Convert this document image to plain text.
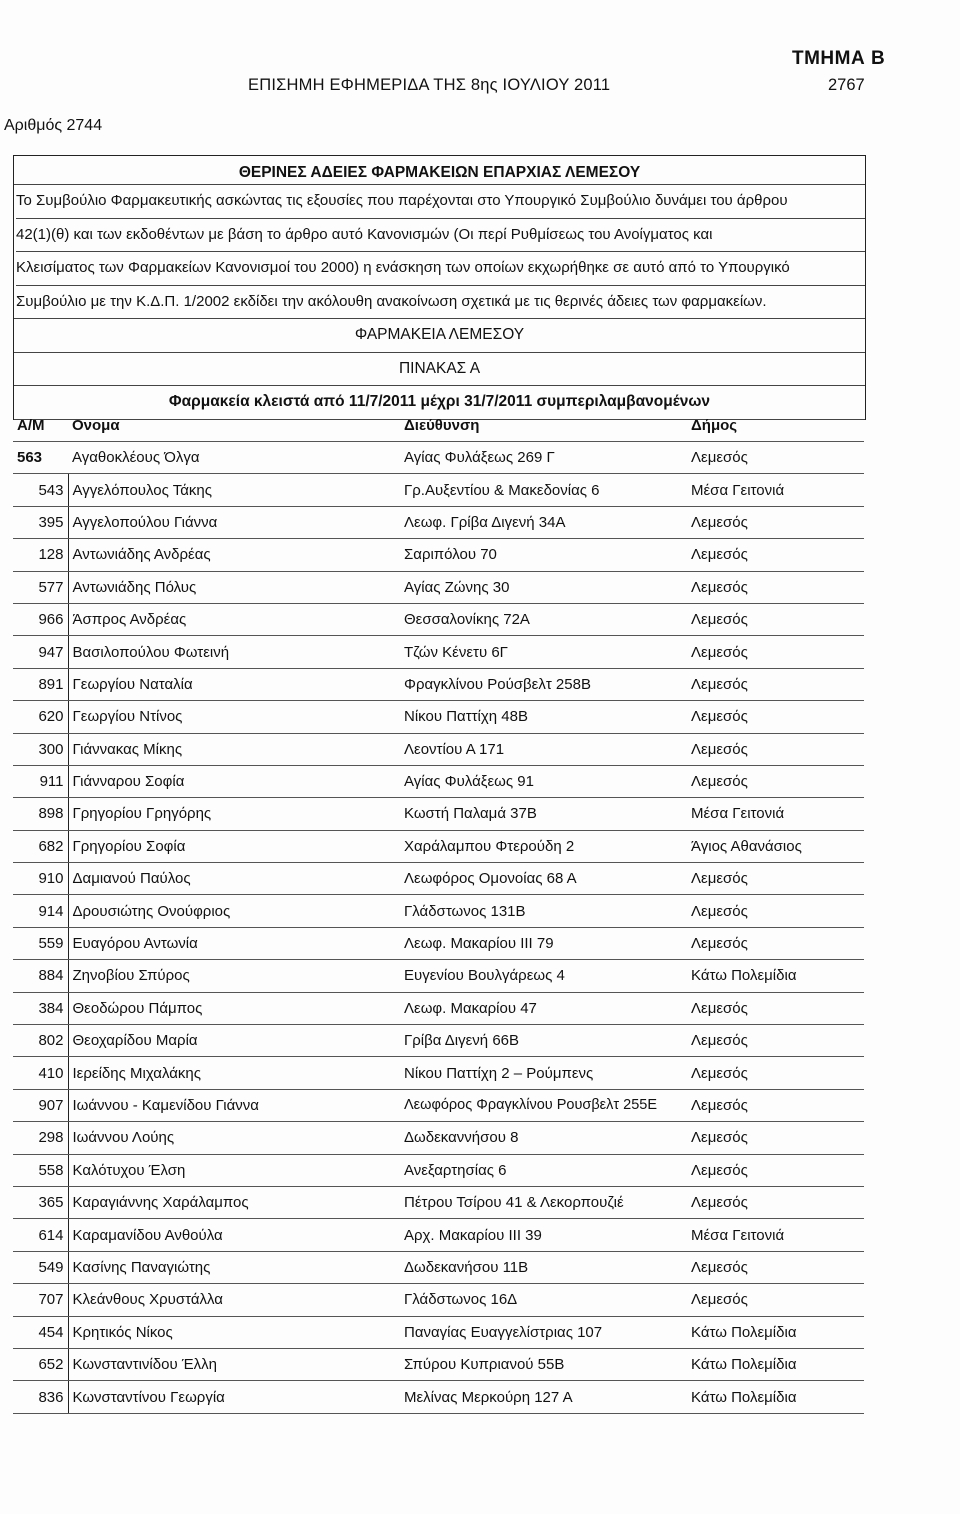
ΤΜΗΜΑ Β
ΕΠΙΣΗΜΗ ΕΦΗΜΕΡΙΔΑ ΤΗΣ 8ης ΙΟΥΛΙΟΥ 2011	2767
Αριθμός 2744
ΘΕΡΙΝΕΣ ΑΔΕΙΕΣ ΦΑΡΜΑΚΕΙΩΝ ΕΠΑΡΧΙΑΣ ΛΕΜΕΣΟΥ
Το Συμβούλιο Φαρμακευτικής ασκώντας τις εξουσίες που παρέχονται στο Υπουργικό Συμβούλιο δυνάμει του άρθρου
42(1)(θ) και των εκδοθέντων με βάση το άρθρο αυτό Κανονισμών (Οι περί Ρυθμίσεως του Ανοίγματος και
Κλεισίματος των Φαρμακείων Κανονισμοί του 2000) η ενάσκηση των οποίων εκχωρήθηκε σε αυτό από το Υπουργικό
Συμβούλιο με την Κ.Δ.Π. 1/2002 εκδίδει την ακόλουθη ανακοίνωση σχετικά με τις θερινές άδειες των φαρμακείων.
ΦΑΡΜΑΚΕΙΑ ΛΕΜΕΣΟΥ
ΠΙΝΑΚΑΣ Α
Φαρμακεία κλειστά από 11/7/2011 μέχρι 31/7/2011 συμπεριλαμβανομένων
Α/Μ	Ονομα	Διεύθυνση	Δήμος
563	Αγαθοκλέους Όλγα	Αγίας Φυλάξεως 269 Γ	Λεμεσός
543	Αγγελόπουλος Τάκης	Γρ.Αυξεντίου & Μακεδονίας 6	Μέσα Γειτονιά
395	Αγγελοπούλου Γιάννα	Λεωφ. Γρίβα Διγενή 34Α	Λεμεσός
128	Αντωνιάδης Ανδρέας	Σαριπόλου 70	Λεμεσός
577	Αντωνιάδης Πόλυς	Αγίας Ζώνης 30	Λεμεσός
966	Άσπρος Ανδρέας	Θεσσαλονίκης 72Α	Λεμεσός
947	Βασιλοπούλου Φωτεινή	Τζών Κένετυ 6Γ	Λεμεσός
891	Γεωργίου Ναταλία	Φραγκλίνου Ρούσβελτ 258Β	Λεμεσός
620	Γεωργίου Ντίνος	Νίκου Παττίχη 48Β	Λεμεσός
300	Γιάννακας Μίκης	Λεοντίου Α 171	Λεμεσός
911	Γιάνναρου Σοφία	Αγίας Φυλάξεως 91	Λεμεσός
898	Γρηγορίου Γρηγόρης	Κωστή Παλαμά 37Β	Μέσα Γειτονιά
682	Γρηγορίου Σοφία	Χαράλαμπου Φτερούδη 2	Άγιος Αθανάσιος
910	Δαμιανού Παύλος	Λεωφόρος Ομονοίας 68 Α	Λεμεσός
914	Δρουσιώτης Ονούφριος	Γλάδστωνος 131Β	Λεμεσός
559	Ευαγόρου Αντωνία	Λεωφ. Μακαρίου ΙΙΙ 79	Λεμεσός
884	Ζηνοβίου Σπύρος	Ευγενίου Βουλγάρεως 4	Κάτω Πολεμίδια
384	Θεοδώρου Πάμπος	Λεωφ. Μακαρίου 47	Λεμεσός
802	Θεοχαρίδου Μαρία	Γρίβα Διγενή 66Β	Λεμεσός
410	Ιερείδης Μιχαλάκης	Νίκου Παττίχη 2 – Ρούμπενς	Λεμεσός
907	Ιωάννου - Καμενίδου Γιάννα	Λεωφόρος Φραγκλίνου Ρουσβελτ 255Ε	Λεμεσός
298	Ιωάννου Λούης	Δωδεκαννήσου 8	Λεμεσός
558	Καλότυχου Έλση	Ανεξαρτησίας 6	Λεμεσός
365	Καραγιάννης Χαράλαμπος	Πέτρου Τσίρου 41 & Λεκορπουζιέ	Λεμεσός
614	Καραμανίδου Ανθούλα	Αρχ. Μακαρίου ΙΙΙ 39	Μέσα Γειτονιά
549	Κασίνης Παναγιώτης	Δωδεκανήσου 11Β	Λεμεσός
707	Κλεάνθους Χρυστάλλα	Γλάδστωνος 16Δ	Λεμεσός
454	Κρητικός Νίκος	Παναγίας Ευαγγελίστριας 107	Κάτω Πολεμίδια
652	Κωνσταντινίδου Έλλη	Σπύρου Κυπριανού 55Β	Κάτω Πολεμίδια
836	Κωνσταντίνου Γεωργία	Μελίνας Μερκούρη 127 Α	Κάτω Πολεμίδια
